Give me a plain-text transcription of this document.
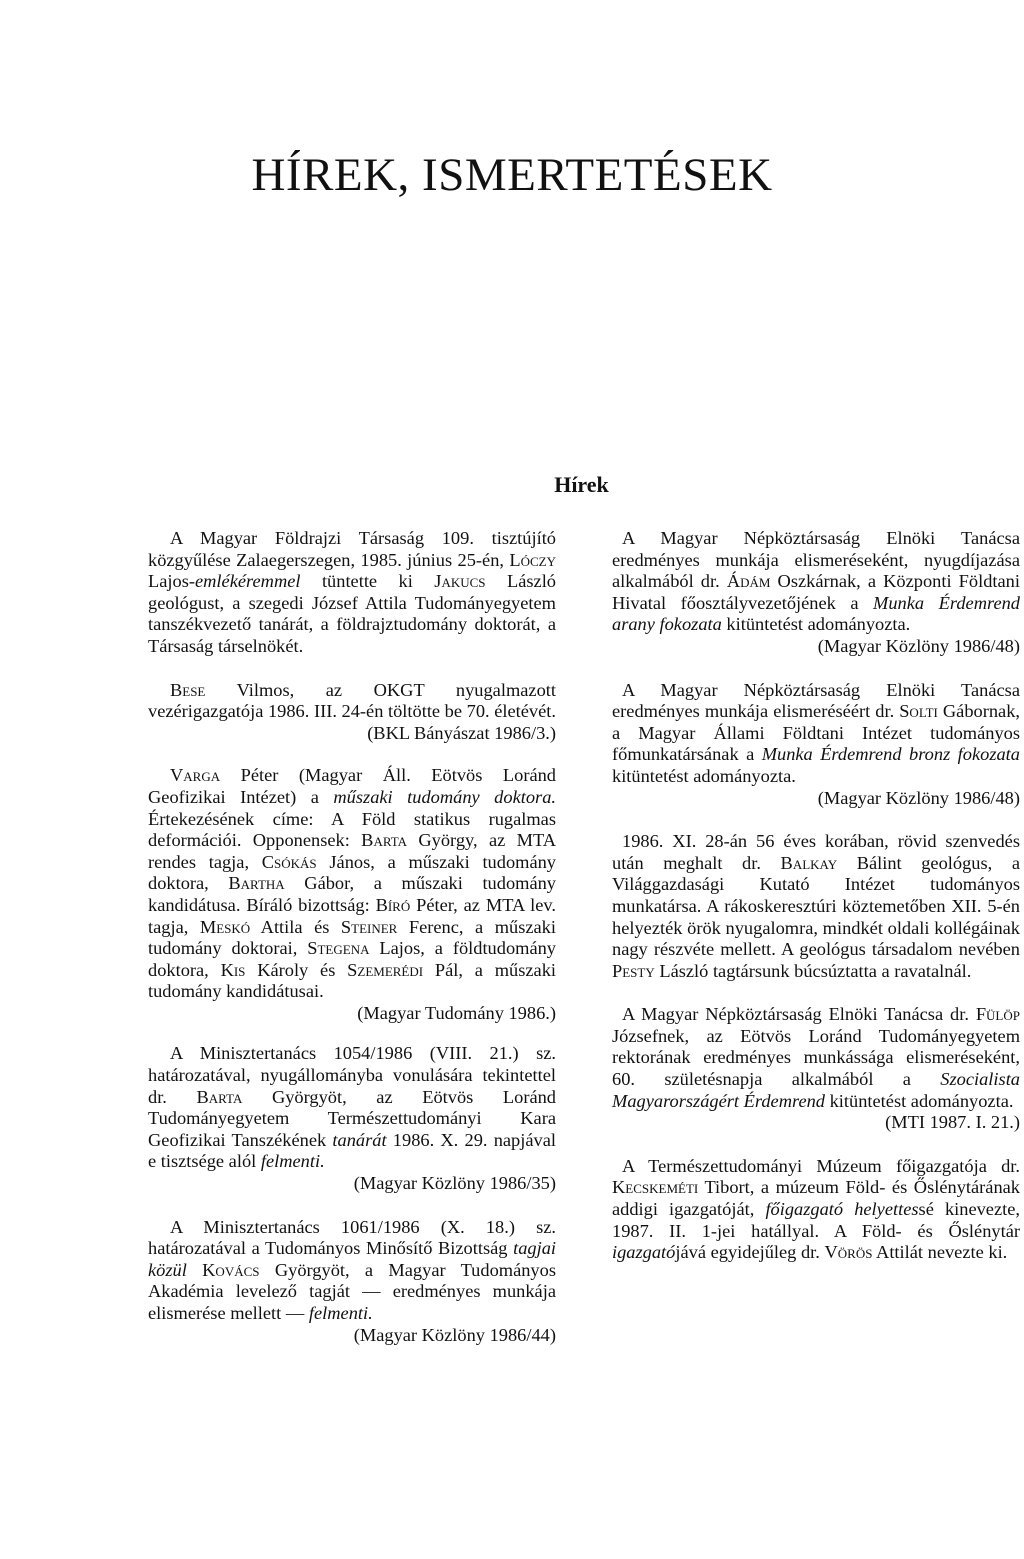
HÍREK, ISMERTETÉSEK
Hírek

A Magyar Földrajzi Társaság 109. tisztújító közgyűlése Zalaegerszegen, 1985. június 25-én, Lóczy Lajos-emlékéremmel tüntette ki Jakucs László geológust, a szegedi József Attila Tudományegyetem tanszékvezető tanárát, a földrajztudomány doktorát, a Társaság társelnökét.

Bese Vilmos, az OKGT nyugalmazott vezérigazgatója 1986. III. 24-én töltötte be 70. életévét.

(BKL Bányászat 1986/3.)

Varga Péter (Magyar Áll. Eötvös Loránd Geofizikai Intézet) a műszaki tudomány doktora. Értekezésének címe: A Föld statikus rugalmas deformációi. Opponensek: Barta György, az MTA rendes tagja, Csókás János, a műszaki tudomány doktora, Bartha Gábor, a műszaki tudomány kandidátusa. Bíráló bizottság: Bíró Péter, az MTA lev. tagja, Meskó Attila és Steiner Ferenc, a műszaki tudomány doktorai, Stegena Lajos, a földtudomány doktora, Kis Károly és Szemerédi Pál, a műszaki tudomány kandidátusai.

(Magyar Tudomány 1986.)

A Minisztertanács 1054/1986 (VIII. 21.) sz. határozatával, nyugállományba vonulására tekintettel dr. Barta Györgyöt, az Eötvös Loránd Tudományegyetem Természettudományi Kara Geofizikai Tanszékének tanárát 1986. X. 29. napjával e tisztsége alól felmenti.

(Magyar Közlöny 1986/35)

A Minisztertanács 1061/1986 (X. 18.) sz. határozatával a Tudományos Minősítő Bizottság tagjai közül Kovács Györgyöt, a Magyar Tudományos Akadémia levelező tagját — eredményes munkája elismerése mellett — felmenti.

(Magyar Közlöny 1986/44)

A Magyar Népköztársaság Elnöki Tanácsa eredményes munkája elismeréseként, nyugdíjazása alkalmából dr. Ádám Oszkárnak, a Központi Földtani Hivatal főosztályvezetőjének a Munka Érdemrend arany fokozata kitüntetést adományozta.

(Magyar Közlöny 1986/48)

A Magyar Népköztársaság Elnöki Tanácsa eredményes munkája elismeréséért dr. Solti Gábornak, a Magyar Állami Földtani Intézet tudományos főmunkatársának a Munka Érdemrend bronz fokozata kitüntetést adományozta.

(Magyar Közlöny 1986/48)

1986. XI. 28-án 56 éves korában, rövid szenvedés után meghalt dr. Balkay Bálint geológus, a Világgazdasági Kutató Intézet tudományos munkatársa. A rákoskeresztúri köztemetőben XII. 5-én helyezték örök nyugalomra, mindkét oldali kollégáinak nagy részvéte mellett. A geológus társadalom nevében Pesty László tagtársunk búcsúztatta a ravatalnál.

A Magyar Népköztársaság Elnöki Tanácsa dr. Fülöp Józsefnek, az Eötvös Loránd Tudományegyetem rektorának eredményes munkássága elismeréseként, 60. születésnapja alkalmából a Szocialista Magyarországért Érdemrend kitüntetést adományozta.

(MTI 1987. I. 21.)

A Természettudományi Múzeum főigazgatója dr. Kecskeméti Tibort, a múzeum Föld- és Őslénytárának addigi igazgatóját, főigazgató helyettessé kinevezte, 1987. II. 1-jei hatállyal. A Föld- és Őslénytár igazgatójává egyidejűleg dr. Vörös Attilát nevezte ki.
